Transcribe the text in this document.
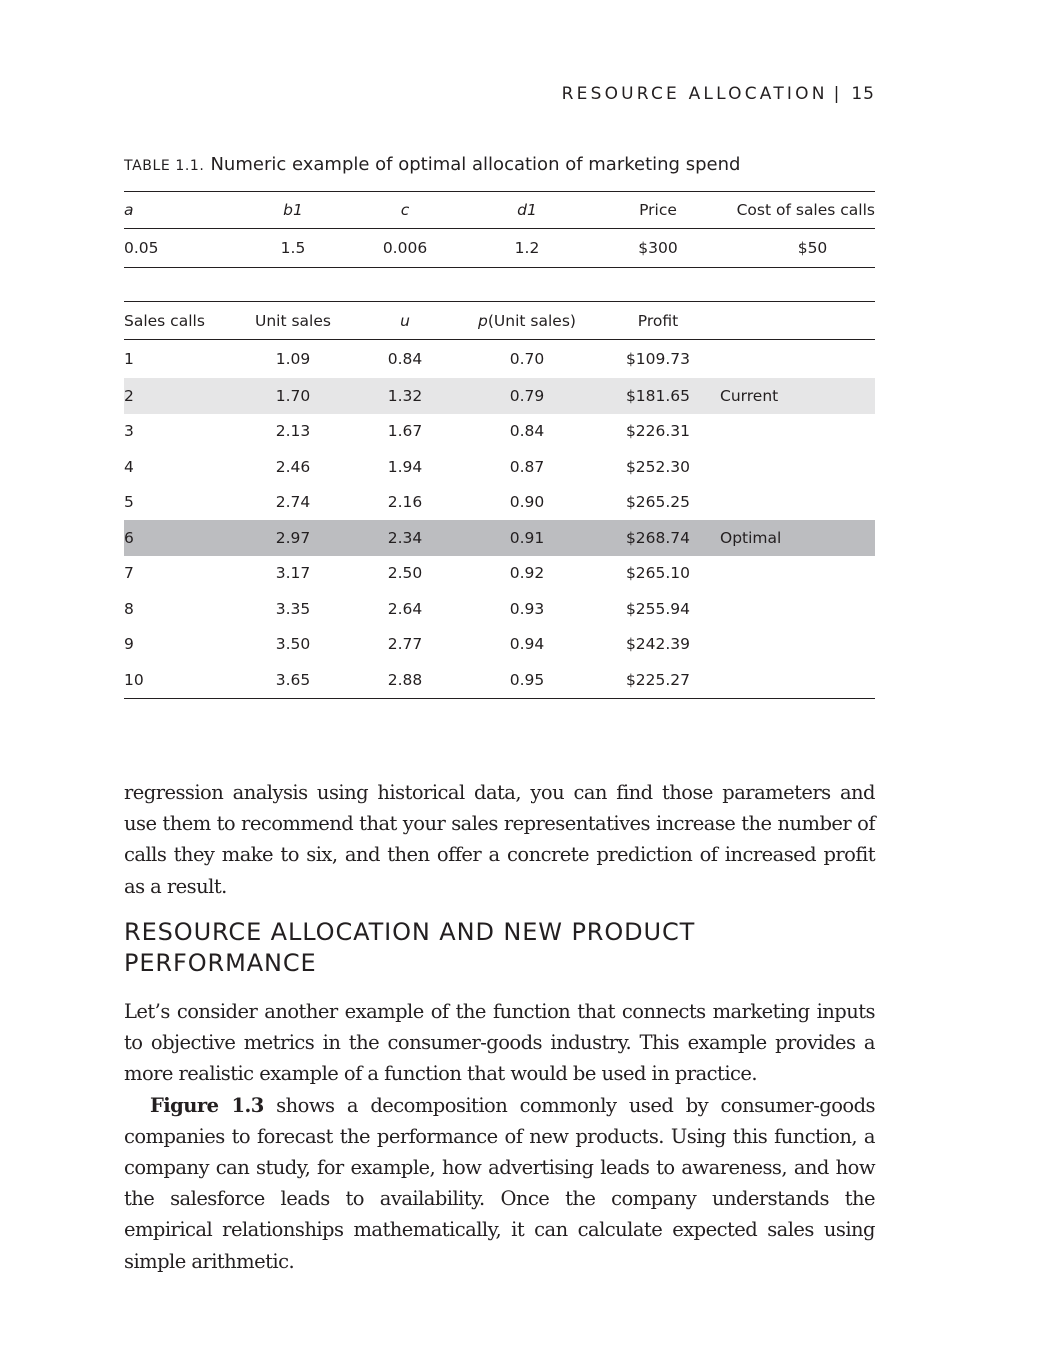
RESOURCE ALLOCATION | 15
TABLE 1.1. Numeric example of optimal allocation of marketing spend
a	b1	c	d1	Price	Cost of sales calls
0.05	1.5	0.006	1.2	$300	$50
Sales calls	Unit sales	u	p(Unit sales)	Profit	
1	1.09	0.84	0.70	$109.73	
2	1.70	1.32	0.79	$181.65	Current
3	2.13	1.67	0.84	$226.31	
4	2.46	1.94	0.87	$252.30	
5	2.74	2.16	0.90	$265.25	
6	2.97	2.34	0.91	$268.74	Optimal
7	3.17	2.50	0.92	$265.10	
8	3.35	2.64	0.93	$255.94	
9	3.50	2.77	0.94	$242.39	
10	3.65	2.88	0.95	$225.27	

regression analysis using historical data, you can find those parameters and use them to recommend that your sales representatives increase the number of calls they make to six, and then offer a concrete prediction of increased profit as a result.

RESOURCE ALLOCATION AND NEW PRODUCT PERFORMANCE

Let’s consider another example of the function that connects marketing inputs to objective metrics in the consumer-goods industry. This example provides a more realistic example of a function that would be used in practice.

Figure 1.3 shows a decomposition commonly used by consumer-goods companies to forecast the performance of new products. Using this function, a company can study, for example, how advertising leads to awareness, and how the salesforce leads to availability. Once the company understands the empirical relationships mathematically, it can calculate expected sales using simple arithmetic.
